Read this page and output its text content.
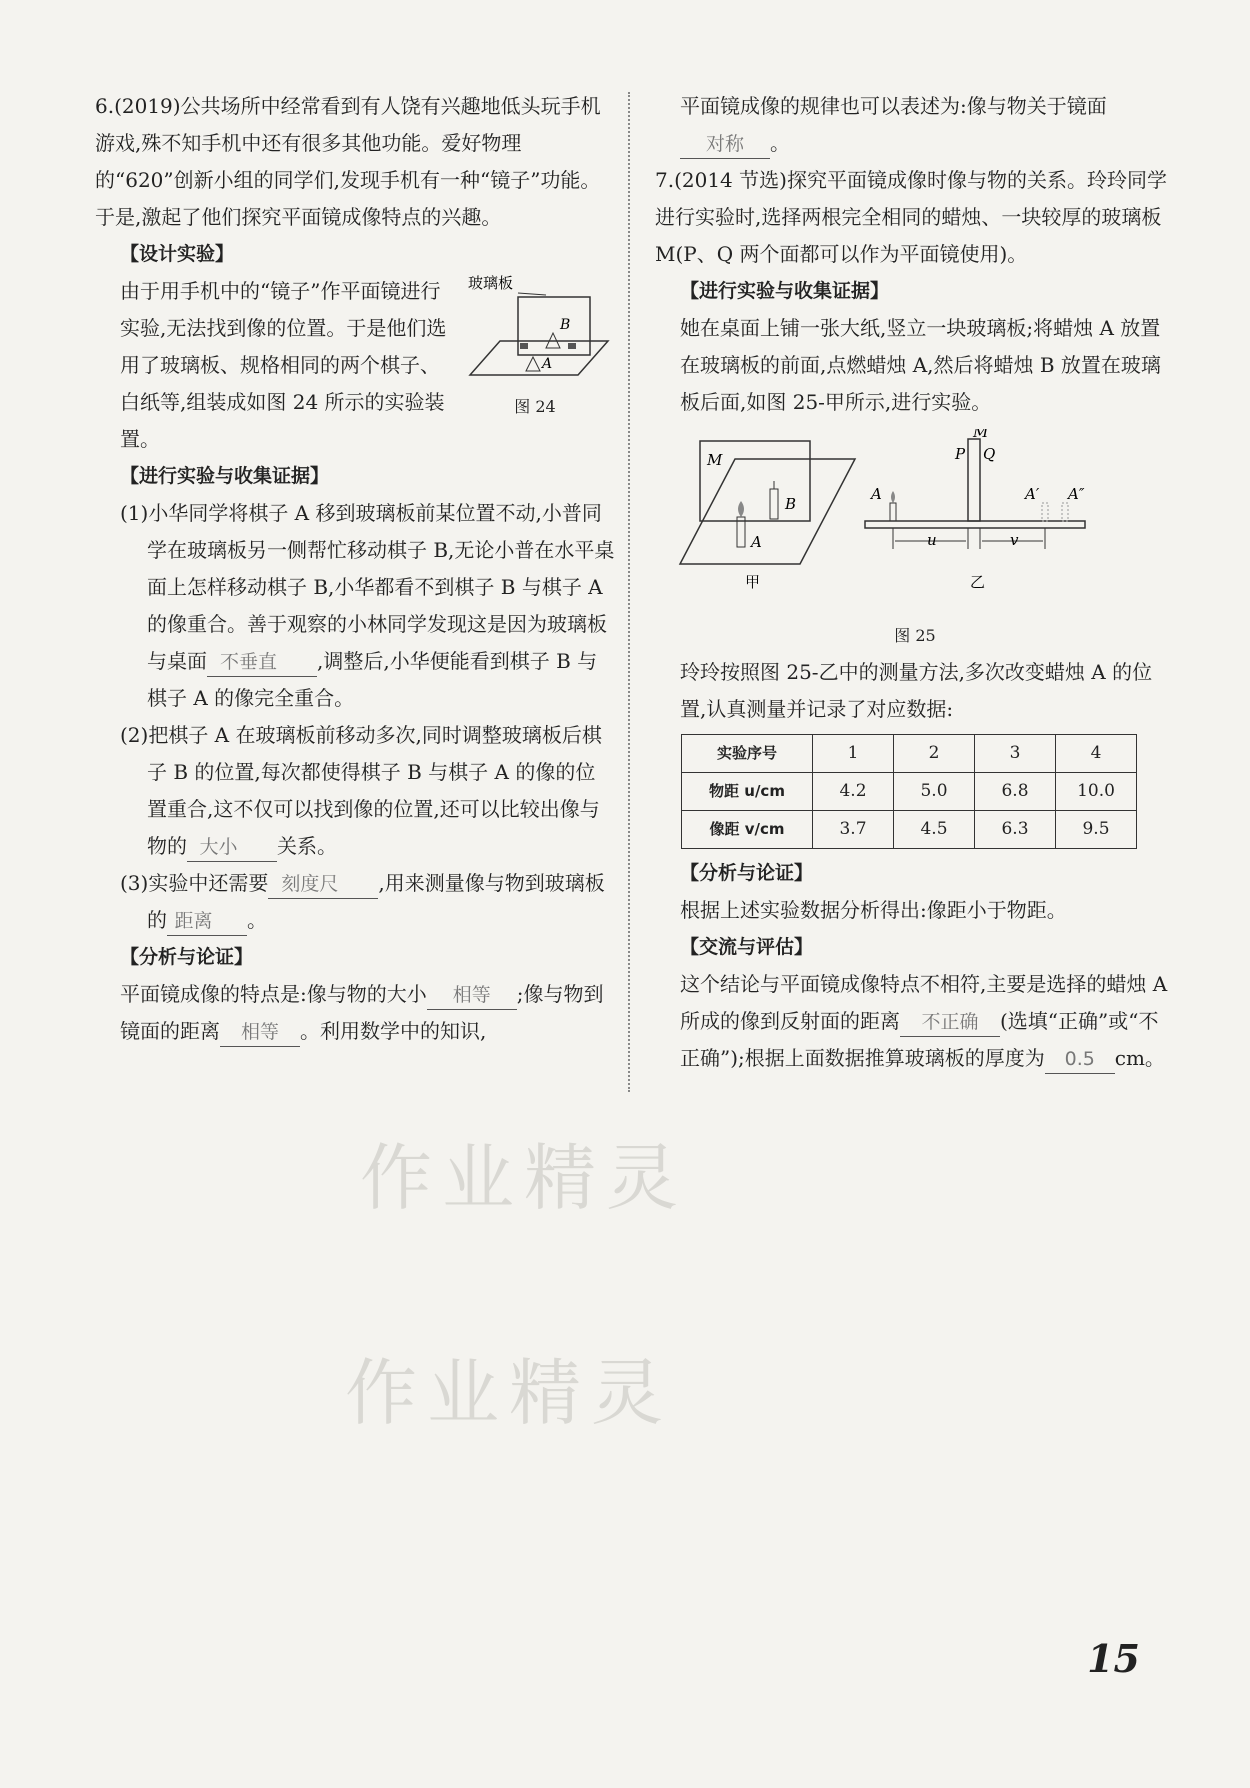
作业精灵
作业精灵

6.(2019)公共场所中经常看到有人饶有兴趣地低头玩手机游戏,殊不知手机中还有很多其他功能。爱好物理的“620”创新小组的同学们,发现手机有一种“镜子”功能。于是,激起了他们探究平面镜成像特点的兴趣。

【设计实验】

玻璃板
B
A
图 24

由于用手机中的“镜子”作平面镜进行实验,无法找到像的位置。于是他们选用了玻璃板、规格相同的两个棋子、白纸等,组装成如图 24 所示的实验装置。

【进行实验与收集证据】

(1)小华同学将棋子 A 移到玻璃板前某位置不动,小普同学在玻璃板另一侧帮忙移动棋子 B,无论小普在水平桌面上怎样移动棋子 B,小华都看不到棋子 B 与棋子 A 的像重合。善于观察的小林同学发现这是因为玻璃板与桌面 不垂直 ,调整后,小华便能看到棋子 B 与棋子 A 的像完全重合。

(2)把棋子 A 在玻璃板前移动多次,同时调整玻璃板后棋子 B 的位置,每次都使得棋子 B 与棋子 A 的像的位置重合,这不仅可以找到像的位置,还可以比较出像与物的 大小 关系。

(3)实验中还需要 刻度尺 ,用来测量像与物到玻璃板的 距离 。

【分析与论证】

平面镜成像的特点是:像与物的大小 相等 ;像与物到镜面的距离 相等 。利用数学中的知识,

平面镜成像的规律也可以表述为:像与物关于镜面对称 。

7.(2014 节选)探究平面镜成像时像与物的关系。玲玲同学进行实验时,选择两根完全相同的蜡烛、一块较厚的玻璃板 M(P、Q 两个面都可以作为平面镜使用)。

【进行实验与收集证据】

她在桌面上铺一张大纸,竖立一块玻璃板;将蜡烛 A 放置在玻璃板的前面,点燃蜡烛 A,然后将蜡烛 B 放置在玻璃板后面,如图 25-甲所示,进行实验。

M
B
A
M
P Q
A	A′ A″
u	v
甲	乙
图 25

玲玲按照图 25-乙中的测量方法,多次改变蜡烛 A 的位置,认真测量并记录了对应数据:

实验序号	1	2	3	4
物距 u/cm	4.2	5.0	6.8	10.0
像距 v/cm	3.7	4.5	6.3	9.5

【分析与论证】

根据上述实验数据分析得出:像距小于物距。

【交流与评估】

这个结论与平面镜成像特点不相符,主要是选择的蜡烛 A 所成的像到反射面的距离 不正确 (选填“正确”或“不正确”);根据上面数据推算玻璃板的厚度为 0.5 cm。

15
